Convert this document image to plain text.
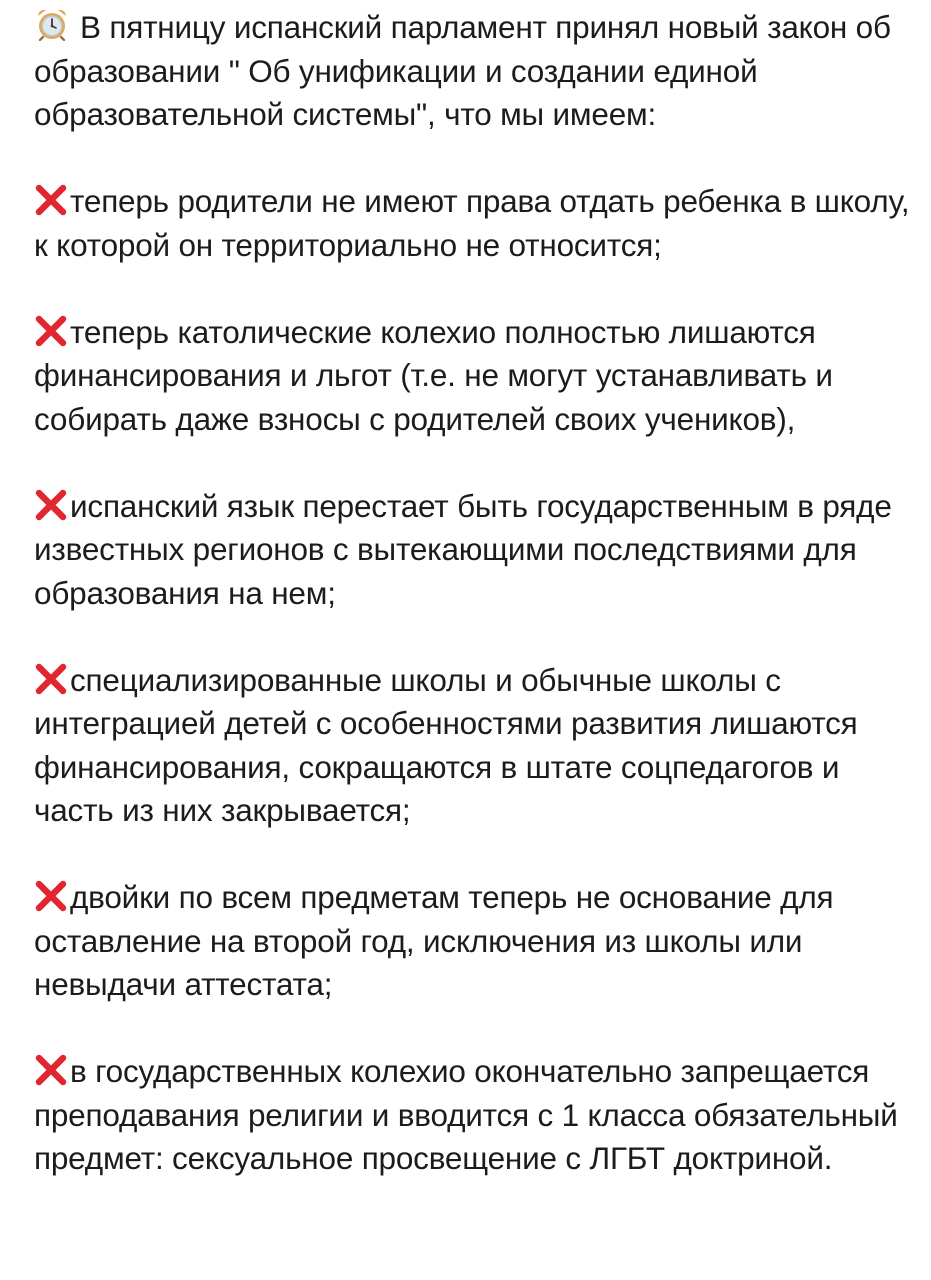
В пятницу испанский парламент принял новый закон об образовании " Об унификации и создании единой образовательной системы", что мы имеем:

теперь родители не имеют права отдать ребенка в школу, к которой он территориально не относится;

теперь католические колехио полностью лишаются финансирования и льгот (т.е. не могут устанавливать и собирать даже взносы с родителей своих учеников),

испанский язык перестает быть государственным в ряде известных регионов с вытекающими последствиями для образования на нем;

специализированные школы и обычные школы с интеграцией детей с особенностями развития лишаются финансирования, сокращаются в штате соцпедагогов и часть из них закрывается;

двойки по всем предметам теперь не основание для оставление на второй год, исключения из школы или невыдачи аттестата;

в государственных колехио окончательно запрещается преподавания религии и вводится с 1 класса обязательный предмет: сексуальное просвещение с ЛГБТ доктриной.
